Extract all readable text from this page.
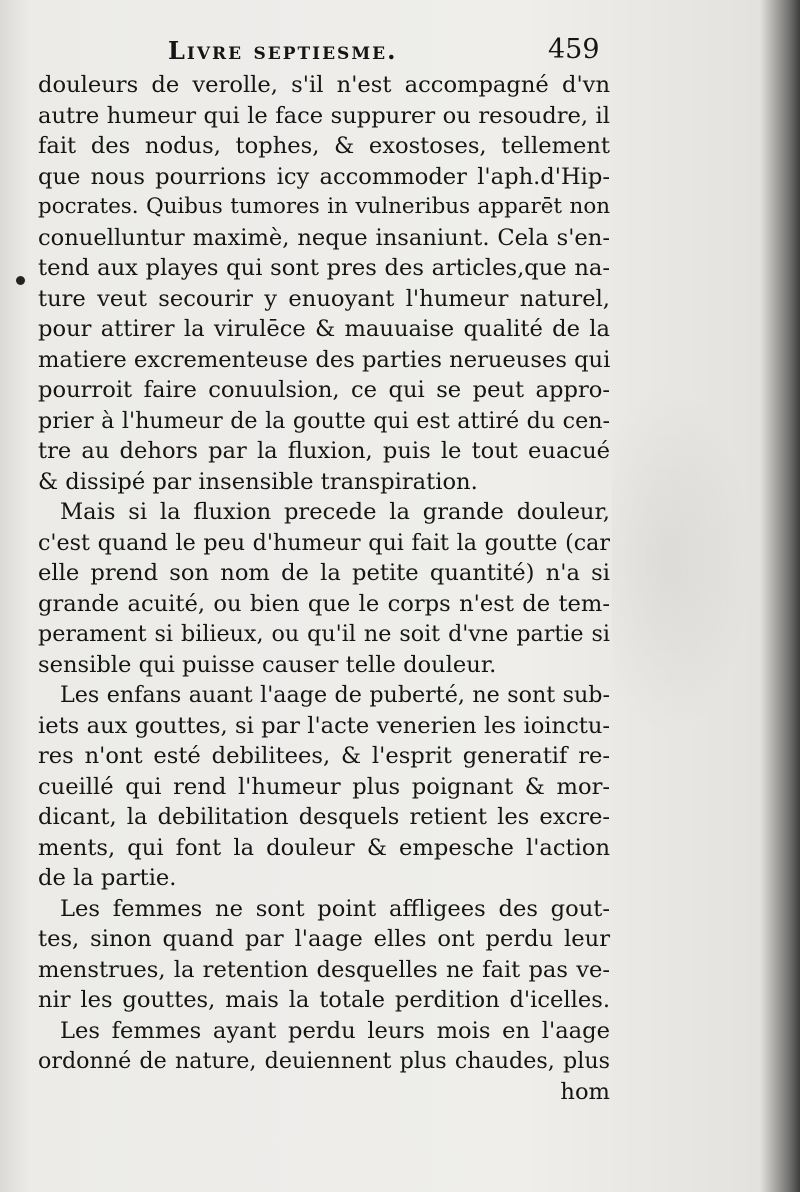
Livre septiesme.	459
douleurs de verolle, s'il n'est accompagné d'vn
autre humeur qui le face suppurer ou resoudre, il
fait des nodus, tophes, & exostoses, tellement
que nous pourrions icy accommoder l'aph.d'Hip-
pocrates. Quibus tumores in vulneribus apparēt non
conuelluntur maximè, neque insaniunt. Cela s'en-
tend aux playes qui sont pres des articles,que na-
ture veut secourir y enuoyant l'humeur naturel,
pour attirer la virulēce & mauuaise qualité de la
matiere excrementeuse des parties nerueuses qui
pourroit faire conuulsion, ce qui se peut appro-
prier à l'humeur de la goutte qui est attiré du cen-
tre au dehors par la fluxion, puis le tout euacué
& dissipé par insensible transpiration.
Mais si la fluxion precede la grande douleur,
c'est quand le peu d'humeur qui fait la goutte (car
elle prend son nom de la petite quantité) n'a si
grande acuité, ou bien que le corps n'est de tem-
perament si bilieux, ou qu'il ne soit d'vne partie si
sensible qui puisse causer telle douleur.
Les enfans auant l'aage de puberté, ne sont sub-
iets aux gouttes, si par l'acte venerien les ioinctu-
res n'ont esté debilitees, & l'esprit generatif re-
cueillé qui rend l'humeur plus poignant & mor-
dicant, la debilitation desquels retient les excre-
ments, qui font la douleur & empesche l'action
de la partie.
Les femmes ne sont point affligees des gout-
tes, sinon quand par l'aage elles ont perdu leur
menstrues, la retention desquelles ne fait pas ve-
nir les gouttes, mais la totale perdition d'icelles.
Les femmes ayant perdu leurs mois en l'aage
ordonné de nature, deuiennent plus chaudes, plus
hom
